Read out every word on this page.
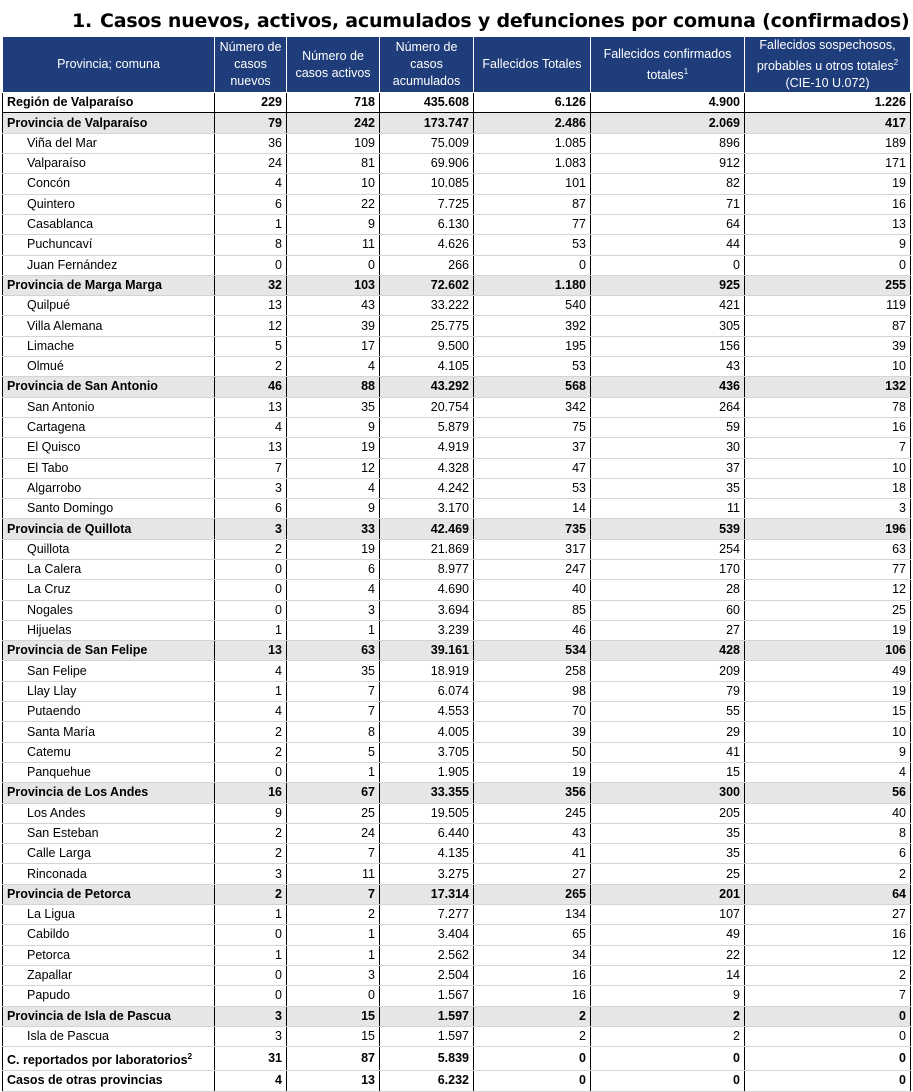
1. Casos nuevos, activos, acumulados y defunciones por comuna (confirmados)
Provincia; comuna	Número de casos nuevos	Número de casos activos	Número de casos acumulados	Fallecidos Totales	Fallecidos confirmados totales$^1$	Fallecidos sospechosos, probables u otros totales$^2$ (CIE-10 U.072)
Región de Valparaíso	229	718	435.608	6.126	4.900	1.226
Provincia de Valparaíso	79	242	173.747	2.486	2.069	417
Viña del Mar	36	109	75.009	1.085	896	189
Valparaíso	24	81	69.906	1.083	912	171
Concón	4	10	10.085	101	82	19
Quintero	6	22	7.725	87	71	16
Casablanca	1	9	6.130	77	64	13
Puchuncaví	8	11	4.626	53	44	9
Juan Fernández	0	0	266	0	0	0
Provincia de Marga Marga	32	103	72.602	1.180	925	255
Quilpué	13	43	33.222	540	421	119
Villa Alemana	12	39	25.775	392	305	87
Limache	5	17	9.500	195	156	39
Olmué	2	4	4.105	53	43	10
Provincia de San Antonio	46	88	43.292	568	436	132
San Antonio	13	35	20.754	342	264	78
Cartagena	4	9	5.879	75	59	16
El Quisco	13	19	4.919	37	30	7
El Tabo	7	12	4.328	47	37	10
Algarrobo	3	4	4.242	53	35	18
Santo Domingo	6	9	3.170	14	11	3
Provincia de Quillota	3	33	42.469	735	539	196
Quillota	2	19	21.869	317	254	63
La Calera	0	6	8.977	247	170	77
La Cruz	0	4	4.690	40	28	12
Nogales	0	3	3.694	85	60	25
Hijuelas	1	1	3.239	46	27	19
Provincia de San Felipe	13	63	39.161	534	428	106
San Felipe	4	35	18.919	258	209	49
Llay Llay	1	7	6.074	98	79	19
Putaendo	4	7	4.553	70	55	15
Santa María	2	8	4.005	39	29	10
Catemu	2	5	3.705	50	41	9
Panquehue	0	1	1.905	19	15	4
Provincia de Los Andes	16	67	33.355	356	300	56
Los Andes	9	25	19.505	245	205	40
San Esteban	2	24	6.440	43	35	8
Calle Larga	2	7	4.135	41	35	6
Rinconada	3	11	3.275	27	25	2
Provincia de Petorca	2	7	17.314	265	201	64
La Ligua	1	2	7.277	134	107	27
Cabildo	0	1	3.404	65	49	16
Petorca	1	1	2.562	34	22	12
Zapallar	0	3	2.504	16	14	2
Papudo	0	0	1.567	16	9	7
Provincia de Isla de Pascua	3	15	1.597	2	2	0
Isla de Pascua	3	15	1.597	2	2	0
C. reportados por laboratorios$^2$	31	87	5.839	0	0	0
Casos de otras provincias	4	13	6.232	0	0	0
